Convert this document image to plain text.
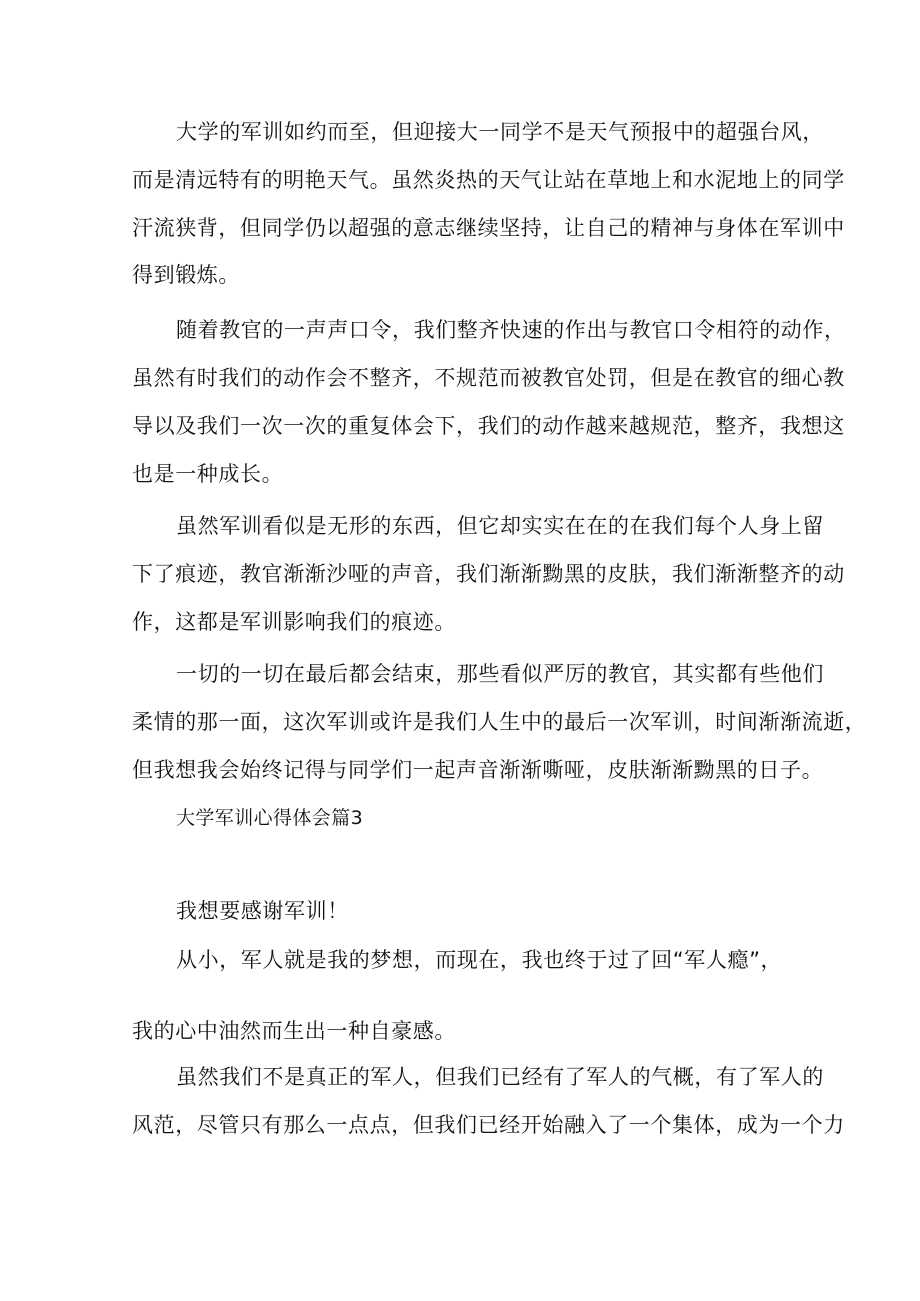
大学的军训如约而至，但迎接大一同学不是天气预报中的超强台风，
而是清远特有的明艳天气。虽然炎热的天气让站在草地上和水泥地上的同学
汗流狭背，但同学仍以超强的意志继续坚持，让自己的精神与身体在军训中
得到锻炼。
随着教官的一声声口令，我们整齐快速的作出与教官口令相符的动作，
虽然有时我们的动作会不整齐，不规范而被教官处罚，但是在教官的细心教
导以及我们一次一次的重复体会下，我们的动作越来越规范，整齐，我想这
也是一种成长。
虽然军训看似是无形的东西，但它却实实在在的在我们每个人身上留
下了痕迹，教官渐渐沙哑的声音，我们渐渐黝黑的皮肤，我们渐渐整齐的动
作，这都是军训影响我们的痕迹。
一切的一切在最后都会结束，那些看似严厉的教官，其实都有些他们
柔情的那一面，这次军训或许是我们人生中的最后一次军训，时间渐渐流逝，
但我想我会始终记得与同学们一起声音渐渐嘶哑，皮肤渐渐黝黑的日子。
大学军训心得体会篇3
我想要感谢军训！
从小，军人就是我的梦想，而现在，我也终于过了回“军人瘾”，
我的心中油然而生出一种自豪感。
虽然我们不是真正的军人，但我们已经有了军人的气概，有了军人的
风范，尽管只有那么一点点，但我们已经开始融入了一个集体，成为一个力
